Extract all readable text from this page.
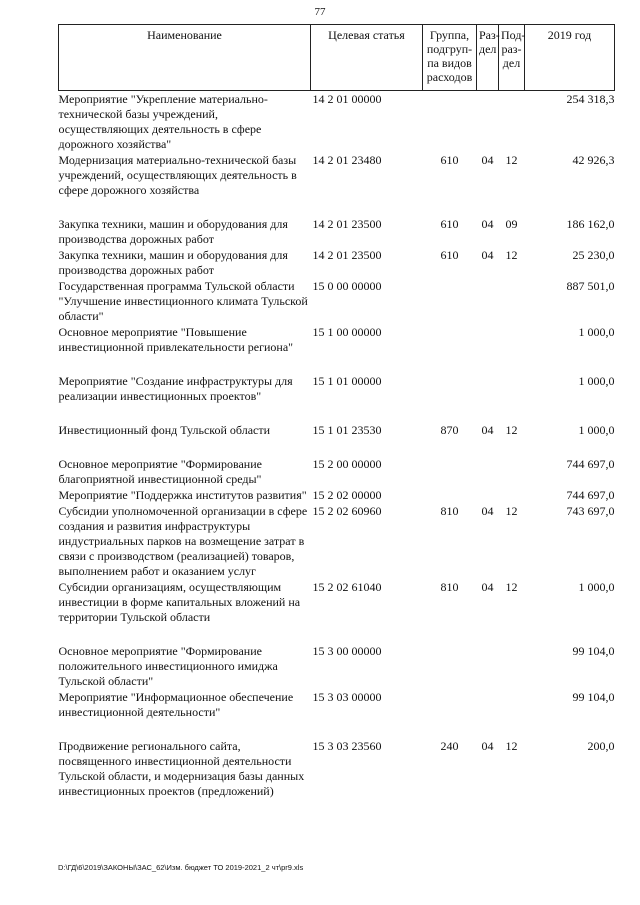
77
Наименование	Целевая статья	Группа, подгруп-па видов расходов	Раз-дел	Под-раз-дел	2019 год
Мероприятие "Укрепление материально-технической базы учреждений, осуществляющих деятельность в сфере дорожного хозяйства"	14 2 01 00000				254 318,3
Модернизация материально-технической базы учреждений, осуществляющих деятельность в сфере дорожного хозяйства	14 2 01 23480	610	04	12	42 926,3

Закупка техники, машин и оборудования для производства дорожных работ	14 2 01 23500	610	04	09	186 162,0
Закупка техники, машин и оборудования для производства дорожных работ	14 2 01 23500	610	04	12	25 230,0
Государственная программа Тульской области "Улучшение инвестиционного климата Тульской области"	15 0 00 00000				887 501,0
Основное мероприятие "Повышение инвестиционной привлекательности региона"	15 1 00 00000				1 000,0

Мероприятие "Создание инфраструктуры для реализации инвестиционных проектов"	15 1 01 00000				1 000,0

Инвестиционный фонд Тульской области	15 1 01 23530	870	04	12	1 000,0

Основное мероприятие "Формирование благоприятной инвестиционной среды"	15 2 00 00000				744 697,0
Мероприятие "Поддержка институтов развития"	15 2 02 00000				744 697,0
Субсидии уполномоченной организации в сфере создания и развития инфраструктуры индустриальных парков на возмещение затрат в связи с производством (реализацией) товаров, выполнением работ и оказанием услуг	15 2 02 60960	810	04	12	743 697,0
Субсидии организациям, осуществляющим инвестиции в форме капитальных вложений на территории Тульской области	15 2 02 61040	810	04	12	1 000,0

Основное мероприятие "Формирование положительного инвестиционного имиджа Тульской области"	15 3 00 00000				99 104,0
Мероприятие "Информационное обеспечение инвестиционной деятельности"	15 3 03 00000				99 104,0

Продвижение регионального сайта, посвященного инвестиционной деятельности Тульской области, и модернизация базы данных инвестиционных проектов (предложений)	15 3 03 23560	240	04	12	200,0
D:\ГД\6\2019\ЗАКОНЫ\ЗАС_62\Изм. бюджет ТО 2019-2021_2 чт\pr9.xls
